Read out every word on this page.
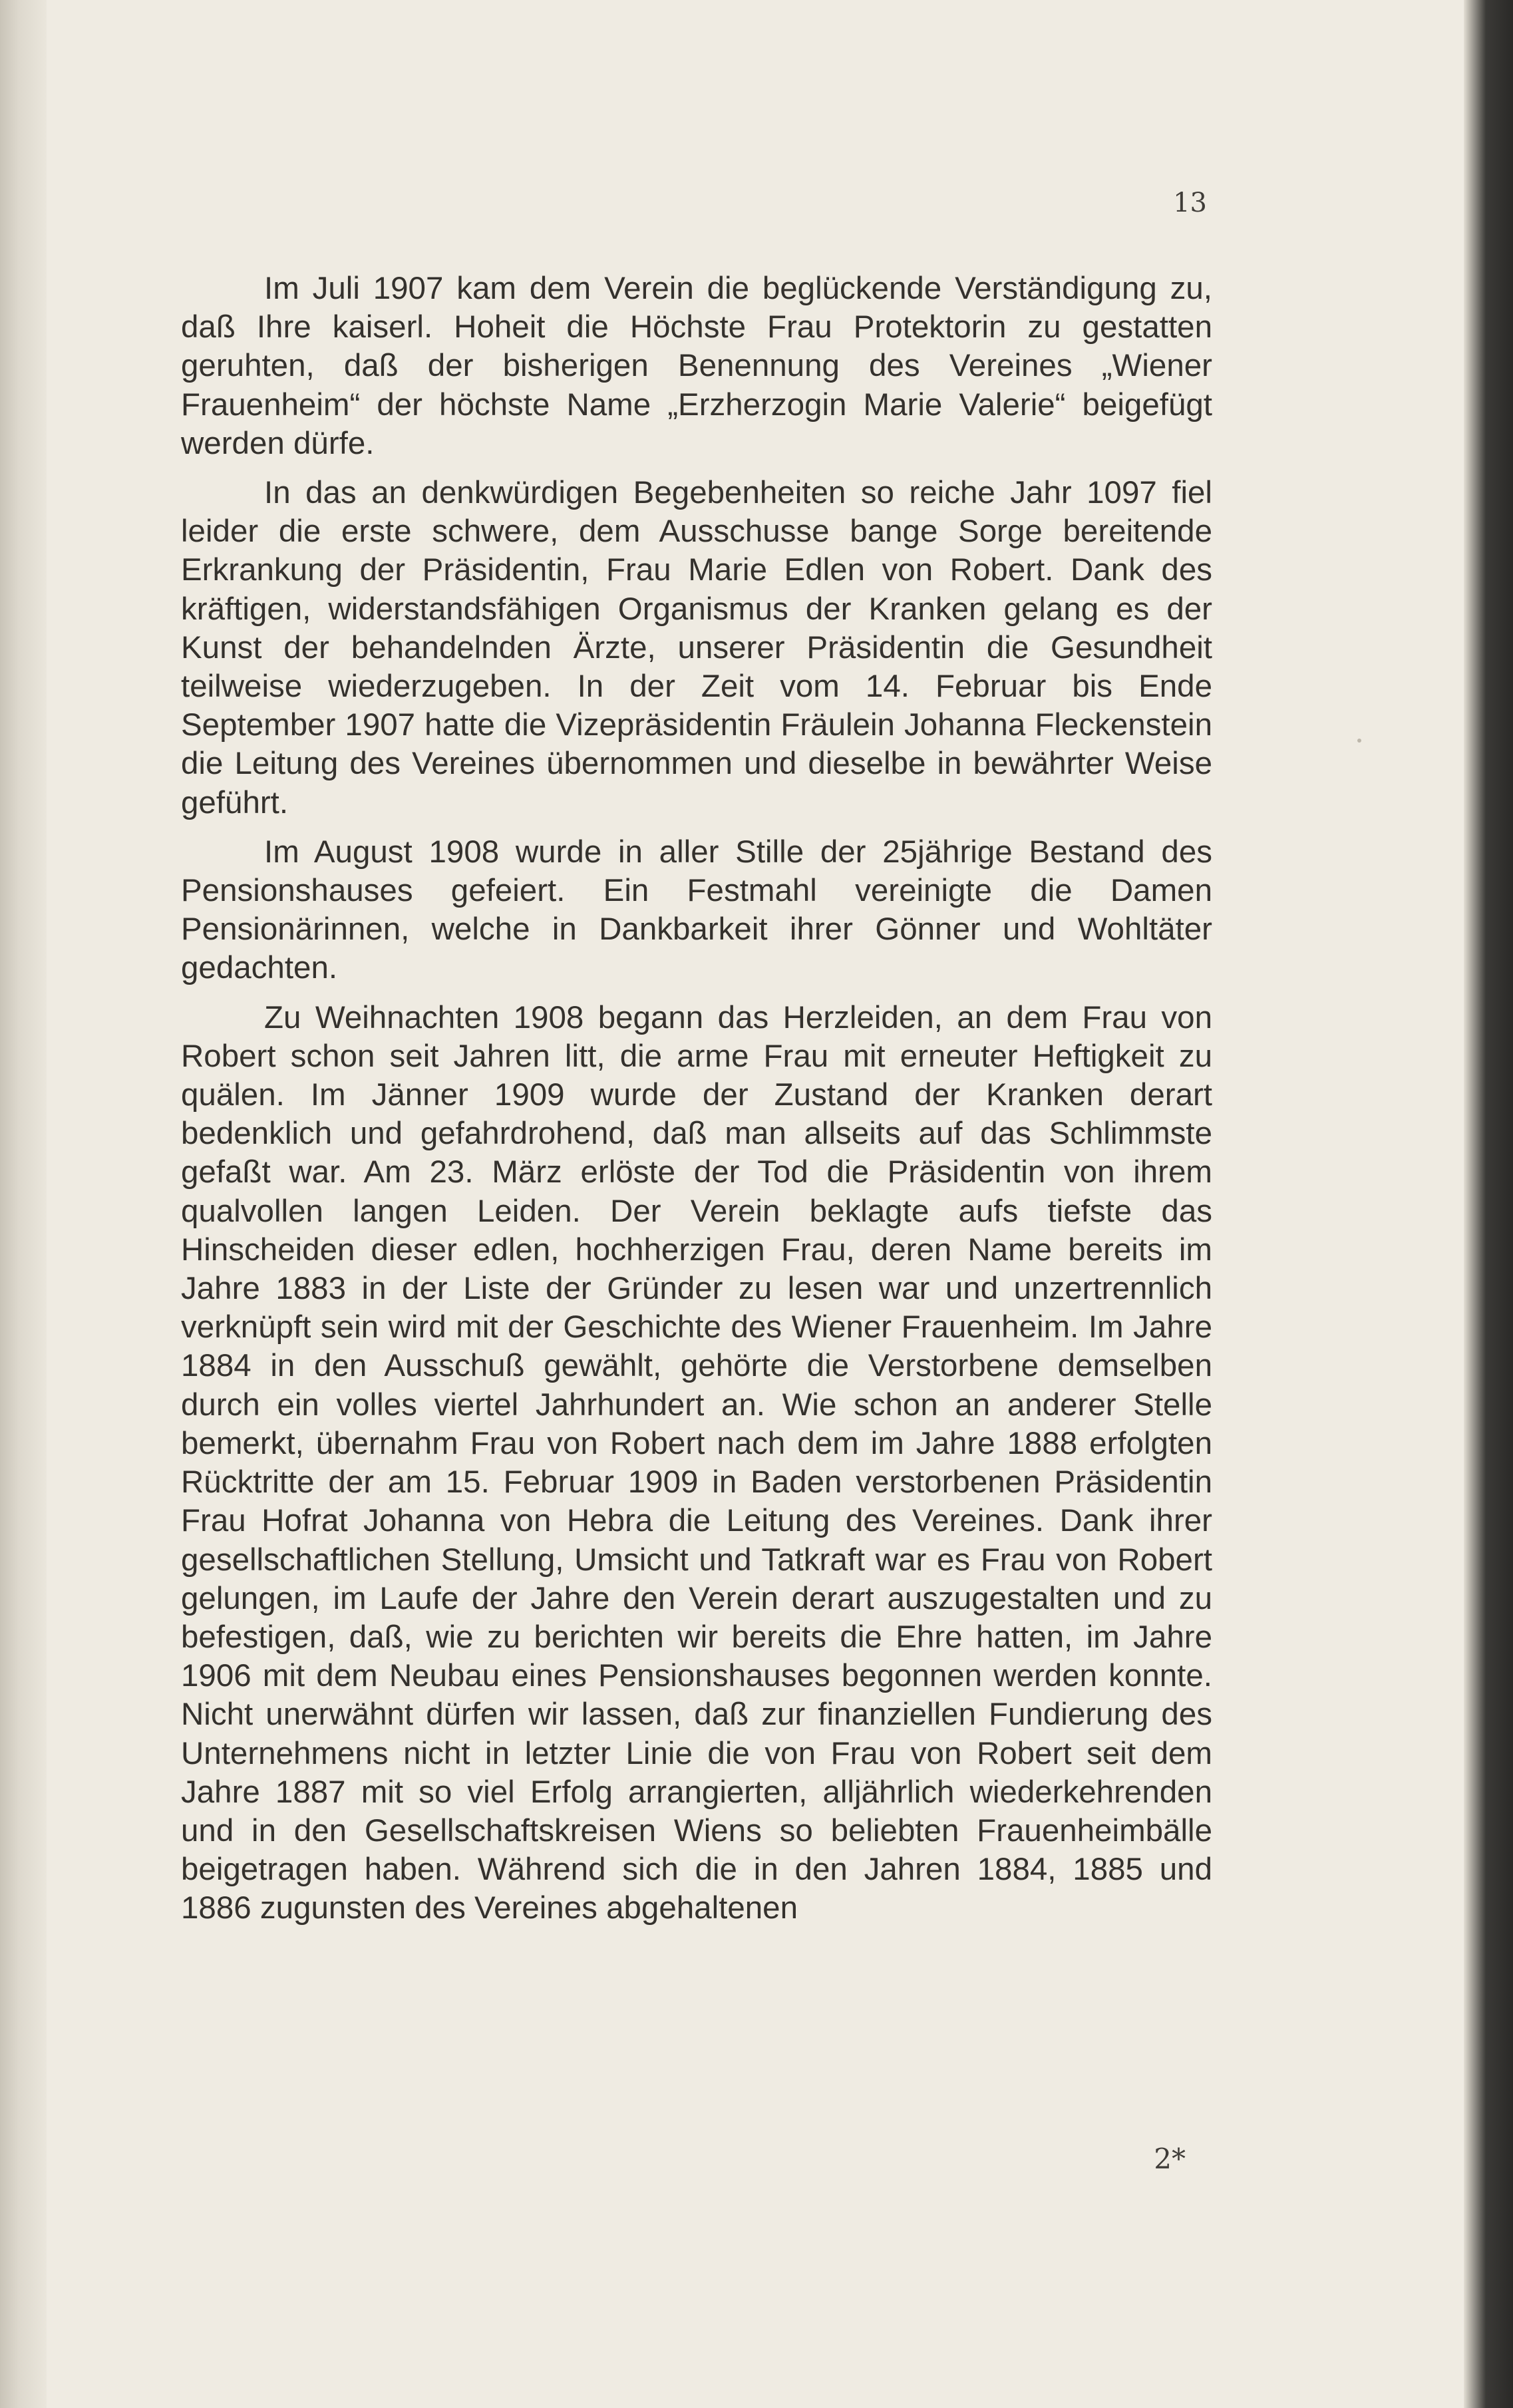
13

Im Juli 1907 kam dem Verein die beglückende Verständigung zu, daß Ihre kaiserl. Hoheit die Höchste Frau Protektorin zu gestatten geruhten, daß der bisherigen Benennung des Vereines „Wiener Frauenheim“ der höchste Name „Erzherzogin Marie Valerie“ beigefügt werden dürfe.

In das an denkwürdigen Begebenheiten so reiche Jahr 1097 fiel leider die erste schwere, dem Ausschusse bange Sorge bereitende Erkrankung der Präsidentin, Frau Marie Edlen von Robert. Dank des kräftigen, widerstandsfähigen Organismus der Kranken gelang es der Kunst der behandelnden Ärzte, unserer Präsidentin die Gesundheit teilweise wiederzugeben. In der Zeit vom 14. Februar bis Ende September 1907 hatte die Vizepräsidentin Fräulein Johanna Fleckenstein die Leitung des Vereines übernommen und dieselbe in bewährter Weise geführt.

Im August 1908 wurde in aller Stille der 25jährige Bestand des Pensionshauses gefeiert. Ein Festmahl vereinigte die Damen Pensionärinnen, welche in Dankbarkeit ihrer Gönner und Wohltäter gedachten.

Zu Weihnachten 1908 begann das Herzleiden, an dem Frau von Robert schon seit Jahren litt, die arme Frau mit erneuter Heftigkeit zu quälen. Im Jänner 1909 wurde der Zustand der Kranken derart bedenklich und gefahrdrohend, daß man allseits auf das Schlimmste gefaßt war. Am 23. März erlöste der Tod die Präsidentin von ihrem qualvollen langen Leiden. Der Verein beklagte aufs tiefste das Hinscheiden dieser edlen, hochherzigen Frau, deren Name bereits im Jahre 1883 in der Liste der Gründer zu lesen war und unzertrennlich verknüpft sein wird mit der Geschichte des Wiener Frauenheim. Im Jahre 1884 in den Ausschuß gewählt, gehörte die Verstorbene demselben durch ein volles viertel Jahrhundert an. Wie schon an anderer Stelle bemerkt, übernahm Frau von Robert nach dem im Jahre 1888 erfolgten Rücktritte der am 15. Februar 1909 in Baden verstorbenen Präsidentin Frau Hofrat Johanna von Hebra die Leitung des Vereines. Dank ihrer gesellschaftlichen Stellung, Umsicht und Tatkraft war es Frau von Robert gelungen, im Laufe der Jahre den Verein derart auszugestalten und zu befestigen, daß, wie zu berichten wir bereits die Ehre hatten, im Jahre 1906 mit dem Neubau eines Pensionshauses begonnen werden konnte. Nicht unerwähnt dürfen wir lassen, daß zur finanziellen Fundierung des Unternehmens nicht in letzter Linie die von Frau von Robert seit dem Jahre 1887 mit so viel Erfolg arrangierten, alljährlich wiederkehrenden und in den Gesellschaftskreisen Wiens so beliebten Frauenheimbälle beigetragen haben. Während sich die in den Jahren 1884, 1885 und 1886 zugunsten des Vereines abgehaltenen

2*
